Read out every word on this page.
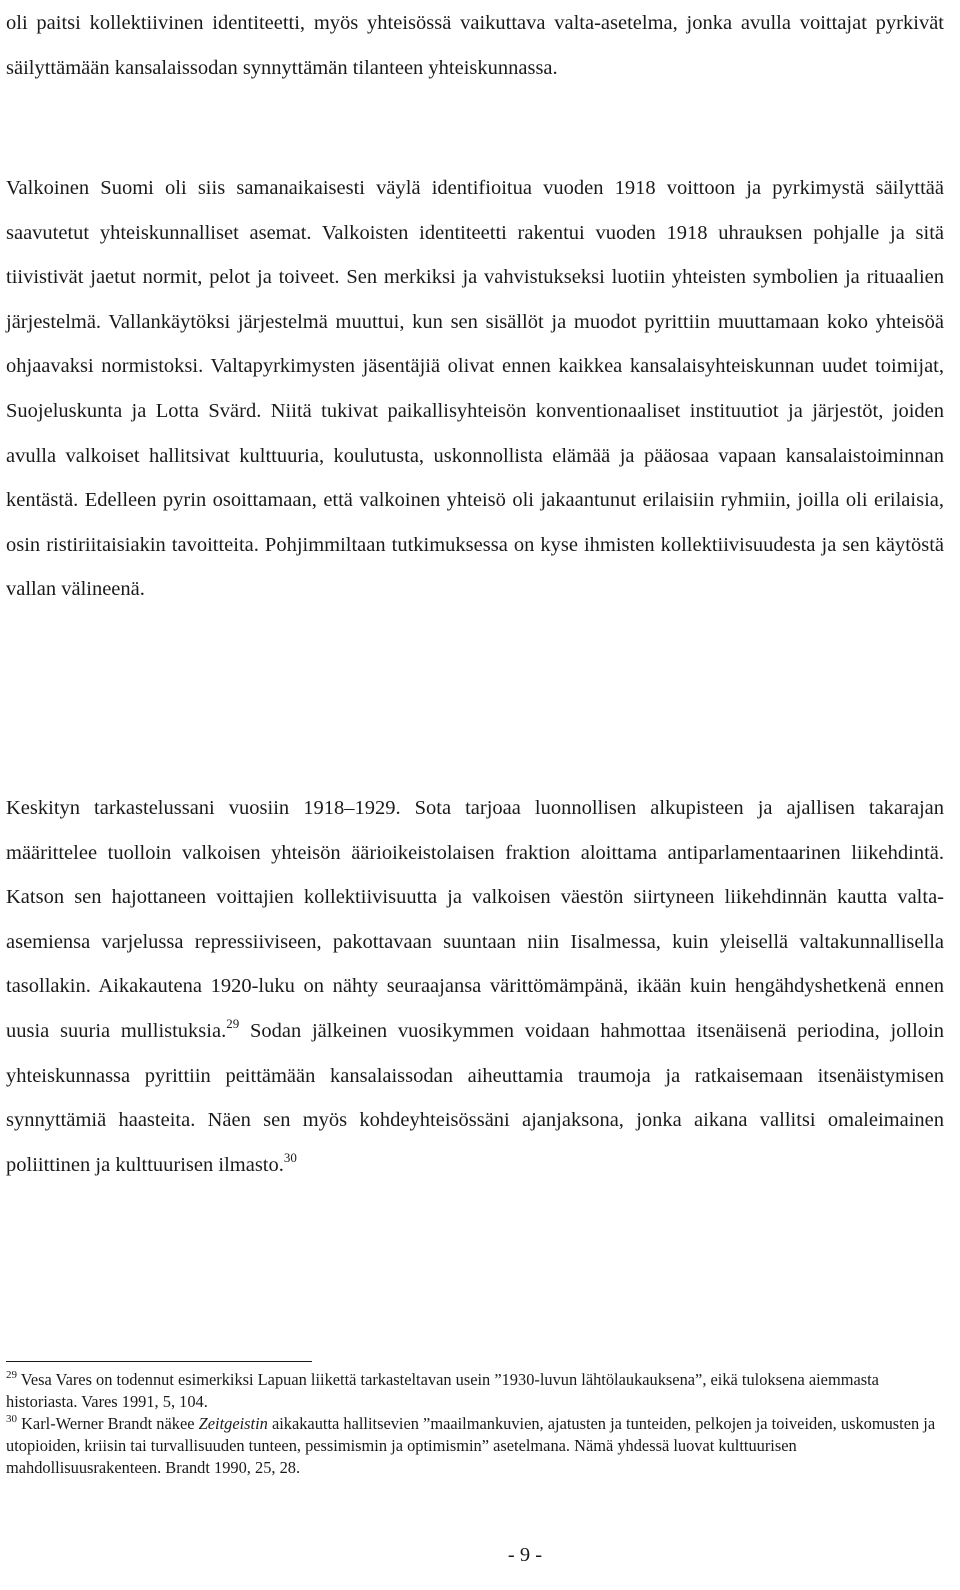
oli paitsi kollektiivinen identiteetti, myös yhteisössä vaikuttava valta-asetelma, jonka avulla voittajat pyrkivät säilyttämään kansalaissodan synnyttämän tilanteen yhteiskunnassa.

Valkoinen Suomi oli siis samanaikaisesti väylä identifioitua vuoden 1918 voittoon ja pyrkimystä säilyttää saavutetut yhteiskunnalliset asemat. Valkoisten identiteetti rakentui vuoden 1918 uhrauksen pohjalle ja sitä tiivistivät jaetut normit, pelot ja toiveet. Sen merkiksi ja vahvistukseksi luotiin yhteisten symbolien ja rituaalien järjestelmä. Vallankäytöksi järjestelmä muuttui, kun sen sisällöt ja muodot pyrittiin muuttamaan koko yhteisöä ohjaavaksi normistoksi. Valtapyrkimysten jäsentäjiä olivat ennen kaikkea kansalaisyhteiskunnan uudet toimijat, Suojeluskunta ja Lotta Svärd. Niitä tukivat paikallisyhteisön konventionaaliset instituutiot ja järjestöt, joiden avulla valkoiset hallitsivat kulttuuria, koulutusta, uskonnollista elämää ja pääosaa vapaan kansalaistoiminnan kentästä. Edelleen pyrin osoittamaan, että valkoinen yhteisö oli jakaantunut erilaisiin ryhmiin, joilla oli erilaisia, osin ristiriitaisiakin tavoitteita. Pohjimmiltaan tutkimuksessa on kyse ihmisten kollektiivisuudesta ja sen käytöstä vallan välineenä.

Keskityn tarkastelussani vuosiin 1918–1929. Sota tarjoaa luonnollisen alkupisteen ja ajallisen takarajan määrittelee tuolloin valkoisen yhteisön äärioikeistolaisen fraktion aloittama antiparlamentaarinen liikehdintä. Katson sen hajottaneen voittajien kollektiivisuutta ja valkoisen väestön siirtyneen liikehdinnän kautta valta-asemiensa varjelussa repressiiviseen, pakottavaan suuntaan niin Iisalmessa, kuin yleisellä valtakunnallisella tasollakin. Aikakautena 1920-luku on nähty seuraajansa värittömämpänä, ikään kuin hengähdyshetkenä ennen uusia suuria mullistuksia.$^{29}$ Sodan jälkeinen vuosikymmen voidaan hahmottaa itsenäisenä periodina, jolloin yhteiskunnassa pyrittiin peittämään kansalaissodan aiheuttamia traumoja ja ratkaisemaan itsenäistymisen synnyttämiä haasteita. Näen sen myös kohdeyhteisössäni ajanjaksona, jonka aikana vallitsi omaleimainen poliittinen ja kulttuurisen ilmasto.$^{30}$

$^{29}$ Vesa Vares on todennut esimerkiksi Lapuan liikettä tarkasteltavan usein ”1930-luvun lähtölaukauksena”, eikä tuloksena aiemmasta historiasta. Vares 1991, 5, 104.

$^{30}$ Karl-Werner Brandt näkee Zeitgeistin aikakautta hallitsevien ”maailmankuvien, ajatusten ja tunteiden, pelkojen ja toiveiden, uskomusten ja utopioiden, kriisin tai turvallisuuden tunteen, pessimismin ja optimismin” asetelmana. Nämä yhdessä luovat kulttuurisen mahdollisuusrakenteen. Brandt 1990, 25, 28.

- 9 -
